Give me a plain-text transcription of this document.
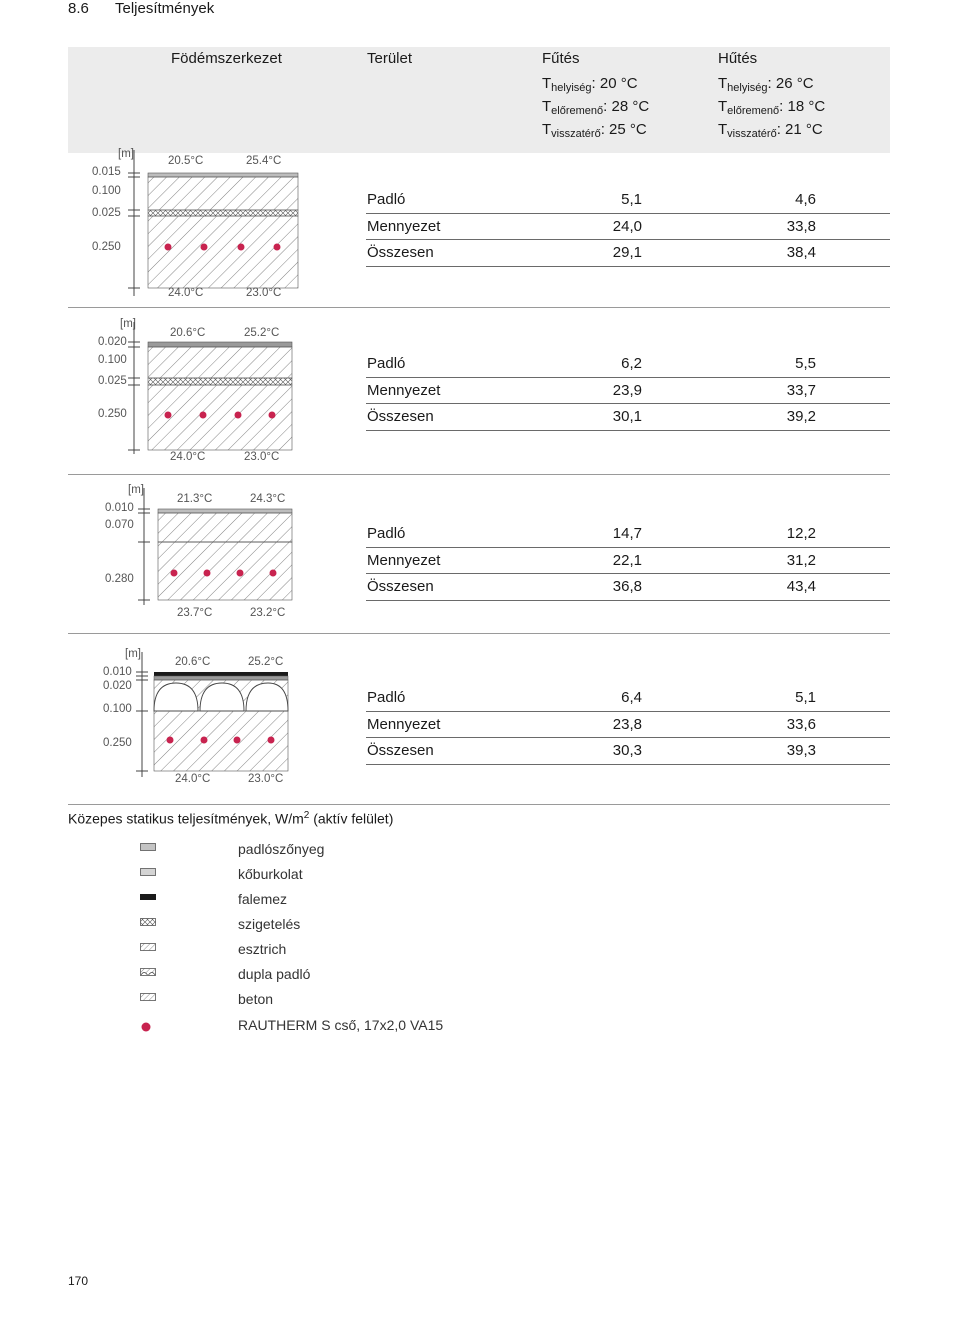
8.6 Teljesítmények
Födémszerkezet	Terület	Fűtés	Hűtés
$T_{helyiség}$: 20 °C
$T_{előremenő}$: 28 °C
$T_{visszatérő}$: 25 °C
$T_{helyiség}$: 26 °C
$T_{előremenő}$: 18 °C
$T_{visszatérő}$: 21 °C
[m]
0.015
0.100
0.025
0.250
20.5°C	25.4°C
24.0°C	23.0°C
Padló	5,1	4,6
Mennyezet	24,0	33,8
Összesen	29,1	38,4
[m]
0.020
0.100
0.025
0.250
20.6°C	25.2°C
24.0°C	23.0°C
Padló	6,2	5,5
Mennyezet	23,9	33,7
Összesen	30,1	39,2
[m]
0.010
0.070
0.280
21.3°C	24.3°C
23.7°C	23.2°C
Padló	14,7	12,2
Mennyezet	22,1	31,2
Összesen	36,8	43,4
[m]
0.010
0.020
0.100
0.250
20.6°C	25.2°C
24.0°C	23.0°C
Padló	6,4	5,1
Mennyezet	23,8	33,6
Összesen	30,3	39,3
Közepes statikus teljesítmények, $W/m^2$ (aktív felület)
padlószőnyeg
kőburkolat
falemez
szigetelés
esztrich
dupla padló
beton
RAUTHERM S cső, 17x2,0 VA15
170
